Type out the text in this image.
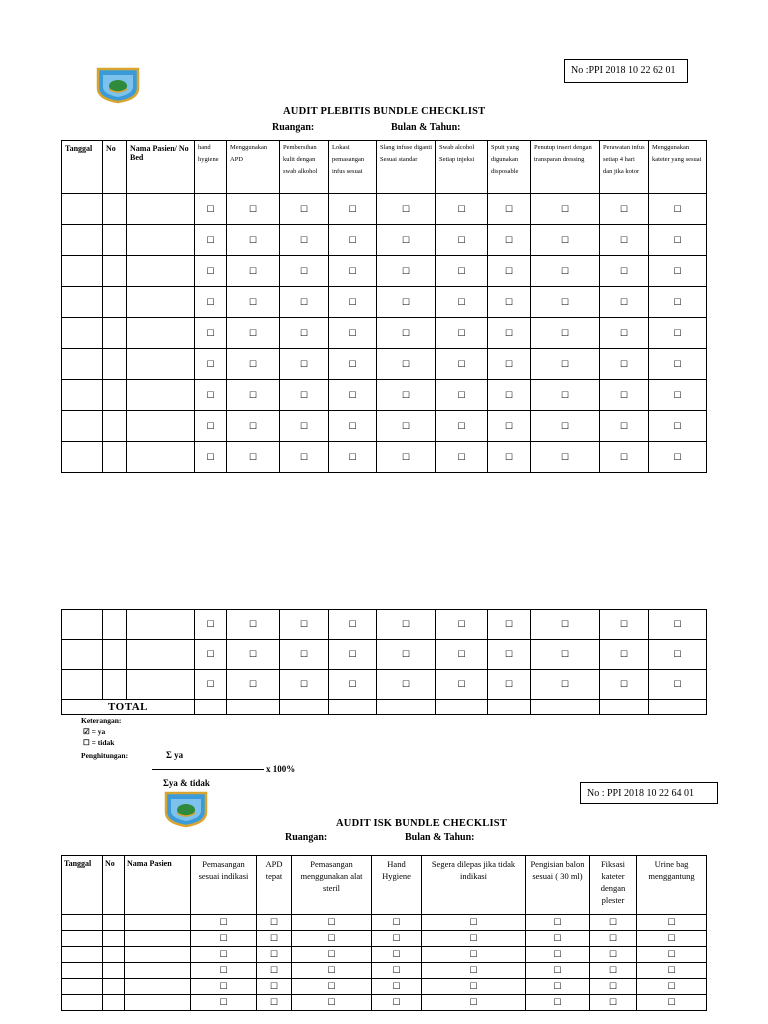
No :PPI 2018 10 22 62 01
AUDIT PLEBITIS BUNDLE CHECKLIST
Ruangan:	Bulan & Tahun:
Tanggal	No	Nama Pasien/ No Bed	hand hygiene	Menggunakan APD	Pembersihan kulit dengan swab alkohol	Lokasi pemasangan infus sesuai	Slang infuse diganti Sesuai standar	Swab alcohol Setiap injeksi	Spuit yang digunakan disposable	Penutup inseri dengan transparan dressing	Perawatan infus setiap 4 hari dan jika kotor	Menggunakan kateter yang sesuai
			☐	☐	☐	☐	☐	☐	☐	☐	☐	☐
			☐	☐	☐	☐	☐	☐	☐	☐	☐	☐
			☐	☐	☐	☐	☐	☐	☐	☐	☐	☐
			☐	☐	☐	☐	☐	☐	☐	☐	☐	☐
			☐	☐	☐	☐	☐	☐	☐	☐	☐	☐
			☐	☐	☐	☐	☐	☐	☐	☐	☐	☐
			☐	☐	☐	☐	☐	☐	☐	☐	☐	☐
			☐	☐	☐	☐	☐	☐	☐	☐	☐	☐
			☐	☐	☐	☐	☐	☐	☐	☐	☐	☐
			☐	☐	☐	☐	☐	☐	☐	☐	☐	☐
			☐	☐	☐	☐	☐	☐	☐	☐	☐	☐
			☐	☐	☐	☐	☐	☐	☐	☐	☐	☐
TOTAL												
Keterangan:
☑ = ya
☐ = tidak
Penghitungan:	Σ ya
x 100%
Σya & tidak
No : PPI 2018 10 22 64 01
AUDIT ISK BUNDLE CHECKLIST
Ruangan:	Bulan & Tahun:
Tanggal	No	Nama Pasien	Pemasangan sesuai indikasi	APD tepat	Pemasangan menggunakan alat steril	Hand Hygiene	Segera dilepas jika tidak indikasi	Pengisian balon sesuai ( 30 ml)	Fiksasi kateter dengan plester	Urine bag menggantung
			☐	☐	☐	☐	☐	☐	☐	☐
			☐	☐	☐	☐	☐	☐	☐	☐
			☐	☐	☐	☐	☐	☐	☐	☐
			☐	☐	☐	☐	☐	☐	☐	☐
			☐	☐	☐	☐	☐	☐	☐	☐
			☐	☐	☐	☐	☐	☐	☐	☐
